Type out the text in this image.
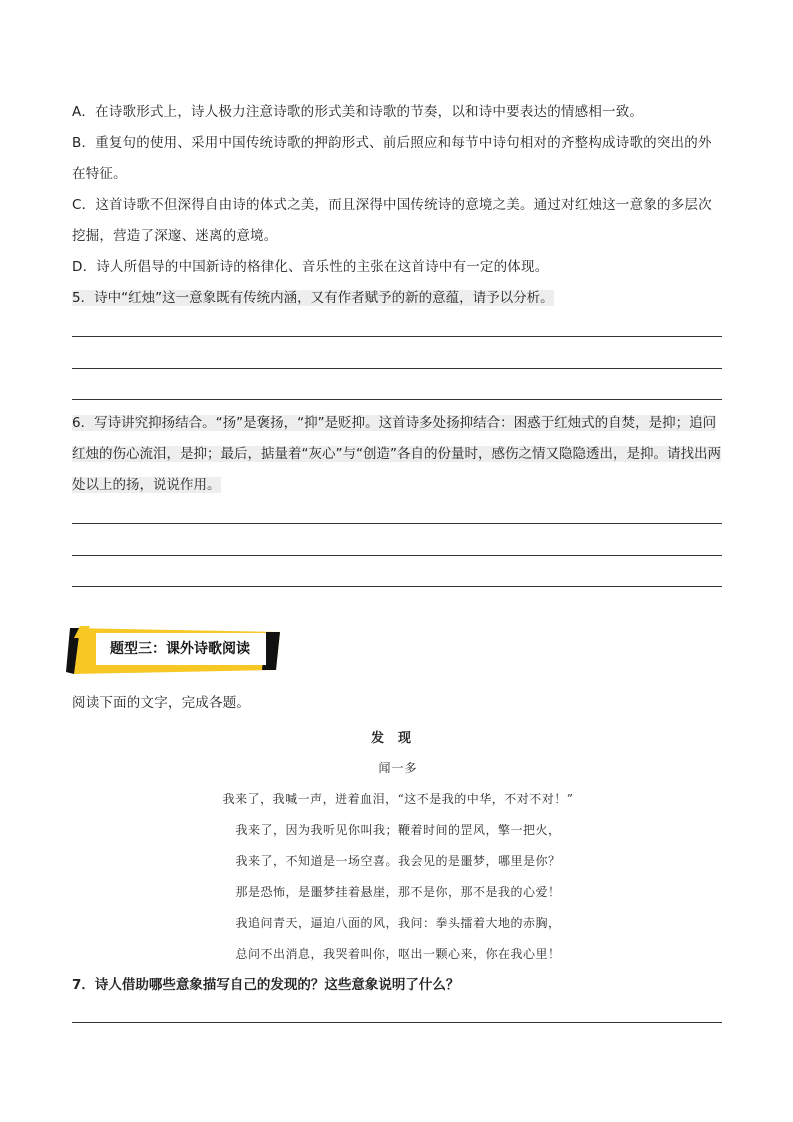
A．在诗歌形式上，诗人极力注意诗歌的形式美和诗歌的节奏，以和诗中要表达的情感相一致。

B．重复句的使用、采用中国传统诗歌的押韵形式、前后照应和每节中诗句相对的齐整构成诗歌的突出的外在特征。

C．这首诗歌不但深得自由诗的体式之美，而且深得中国传统诗的意境之美。通过对红烛这一意象的多层次挖掘，营造了深邃、迷离的意境。

D．诗人所倡导的中国新诗的格律化、音乐性的主张在这首诗中有一定的体现。

5．诗中“红烛”这一意象既有传统内涵，又有作者赋予的新的意蕴，请予以分析。

6．写诗讲究抑扬结合。“扬”是褒扬，“抑”是贬抑。这首诗多处扬抑结合：困惑于红烛式的自焚，是抑；追问红烛的伤心流泪，是抑；最后，掂量着“灰心”与“创造”各自的份量时，感伤之情又隐隐透出，是抑。请找出两处以上的扬，说说作用。

题型三：课外诗歌阅读

阅读下面的文字，完成各题。

发现

闻一多

我来了，我喊一声，迸着血泪，“这不是我的中华，不对不对！”

我来了，因为我听见你叫我；鞭着时间的罡风，擎一把火，

我来了，不知道是一场空喜。我会见的是噩梦，哪里是你？

那是恐怖，是噩梦挂着悬崖，那不是你，那不是我的心爱！

我追问青天，逼迫八面的风，我问：拳头擂着大地的赤胸，

总问不出消息，我哭着叫你，呕出一颗心来，你在我心里！

7．诗人借助哪些意象描写自己的发现的？这些意象说明了什么？
